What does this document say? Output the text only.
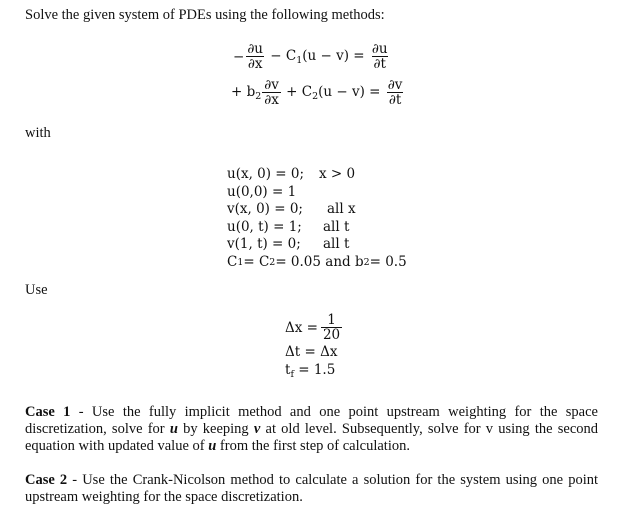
Solve the given system of PDEs using the following methods:
− $\frac{\partial u}{\partial x} - C_1(u - v) = \frac{\partial u}{\partial t}$
+ $b_2 \frac{\partial v}{\partial x} + C_2(u - v) = \frac{\partial v}{\partial t}$
with
u(x, 0) = 0;	x > 0
u(0,0) = 1
v(x, 0) = 0;	all x
u(0, t) = 1;	all t
v(1, t) = 0;	all t
C 1 = C 2 = 0.05 and b 2 = 0.5
Use
$\Delta x = \frac{1}{20}$
Δt = Δx
$t_f = 1.5$
Case 1 - Use the fully implicit method and one point upstream weighting for the space discretization, solve for u by keeping v at old level. Subsequently, solve for v using the second equation with updated value of u from the first step of calculation.
Case 2 - Use the Crank-Nicolson method to calculate a solution for the system using one point upstream weighting for the space discretization.
